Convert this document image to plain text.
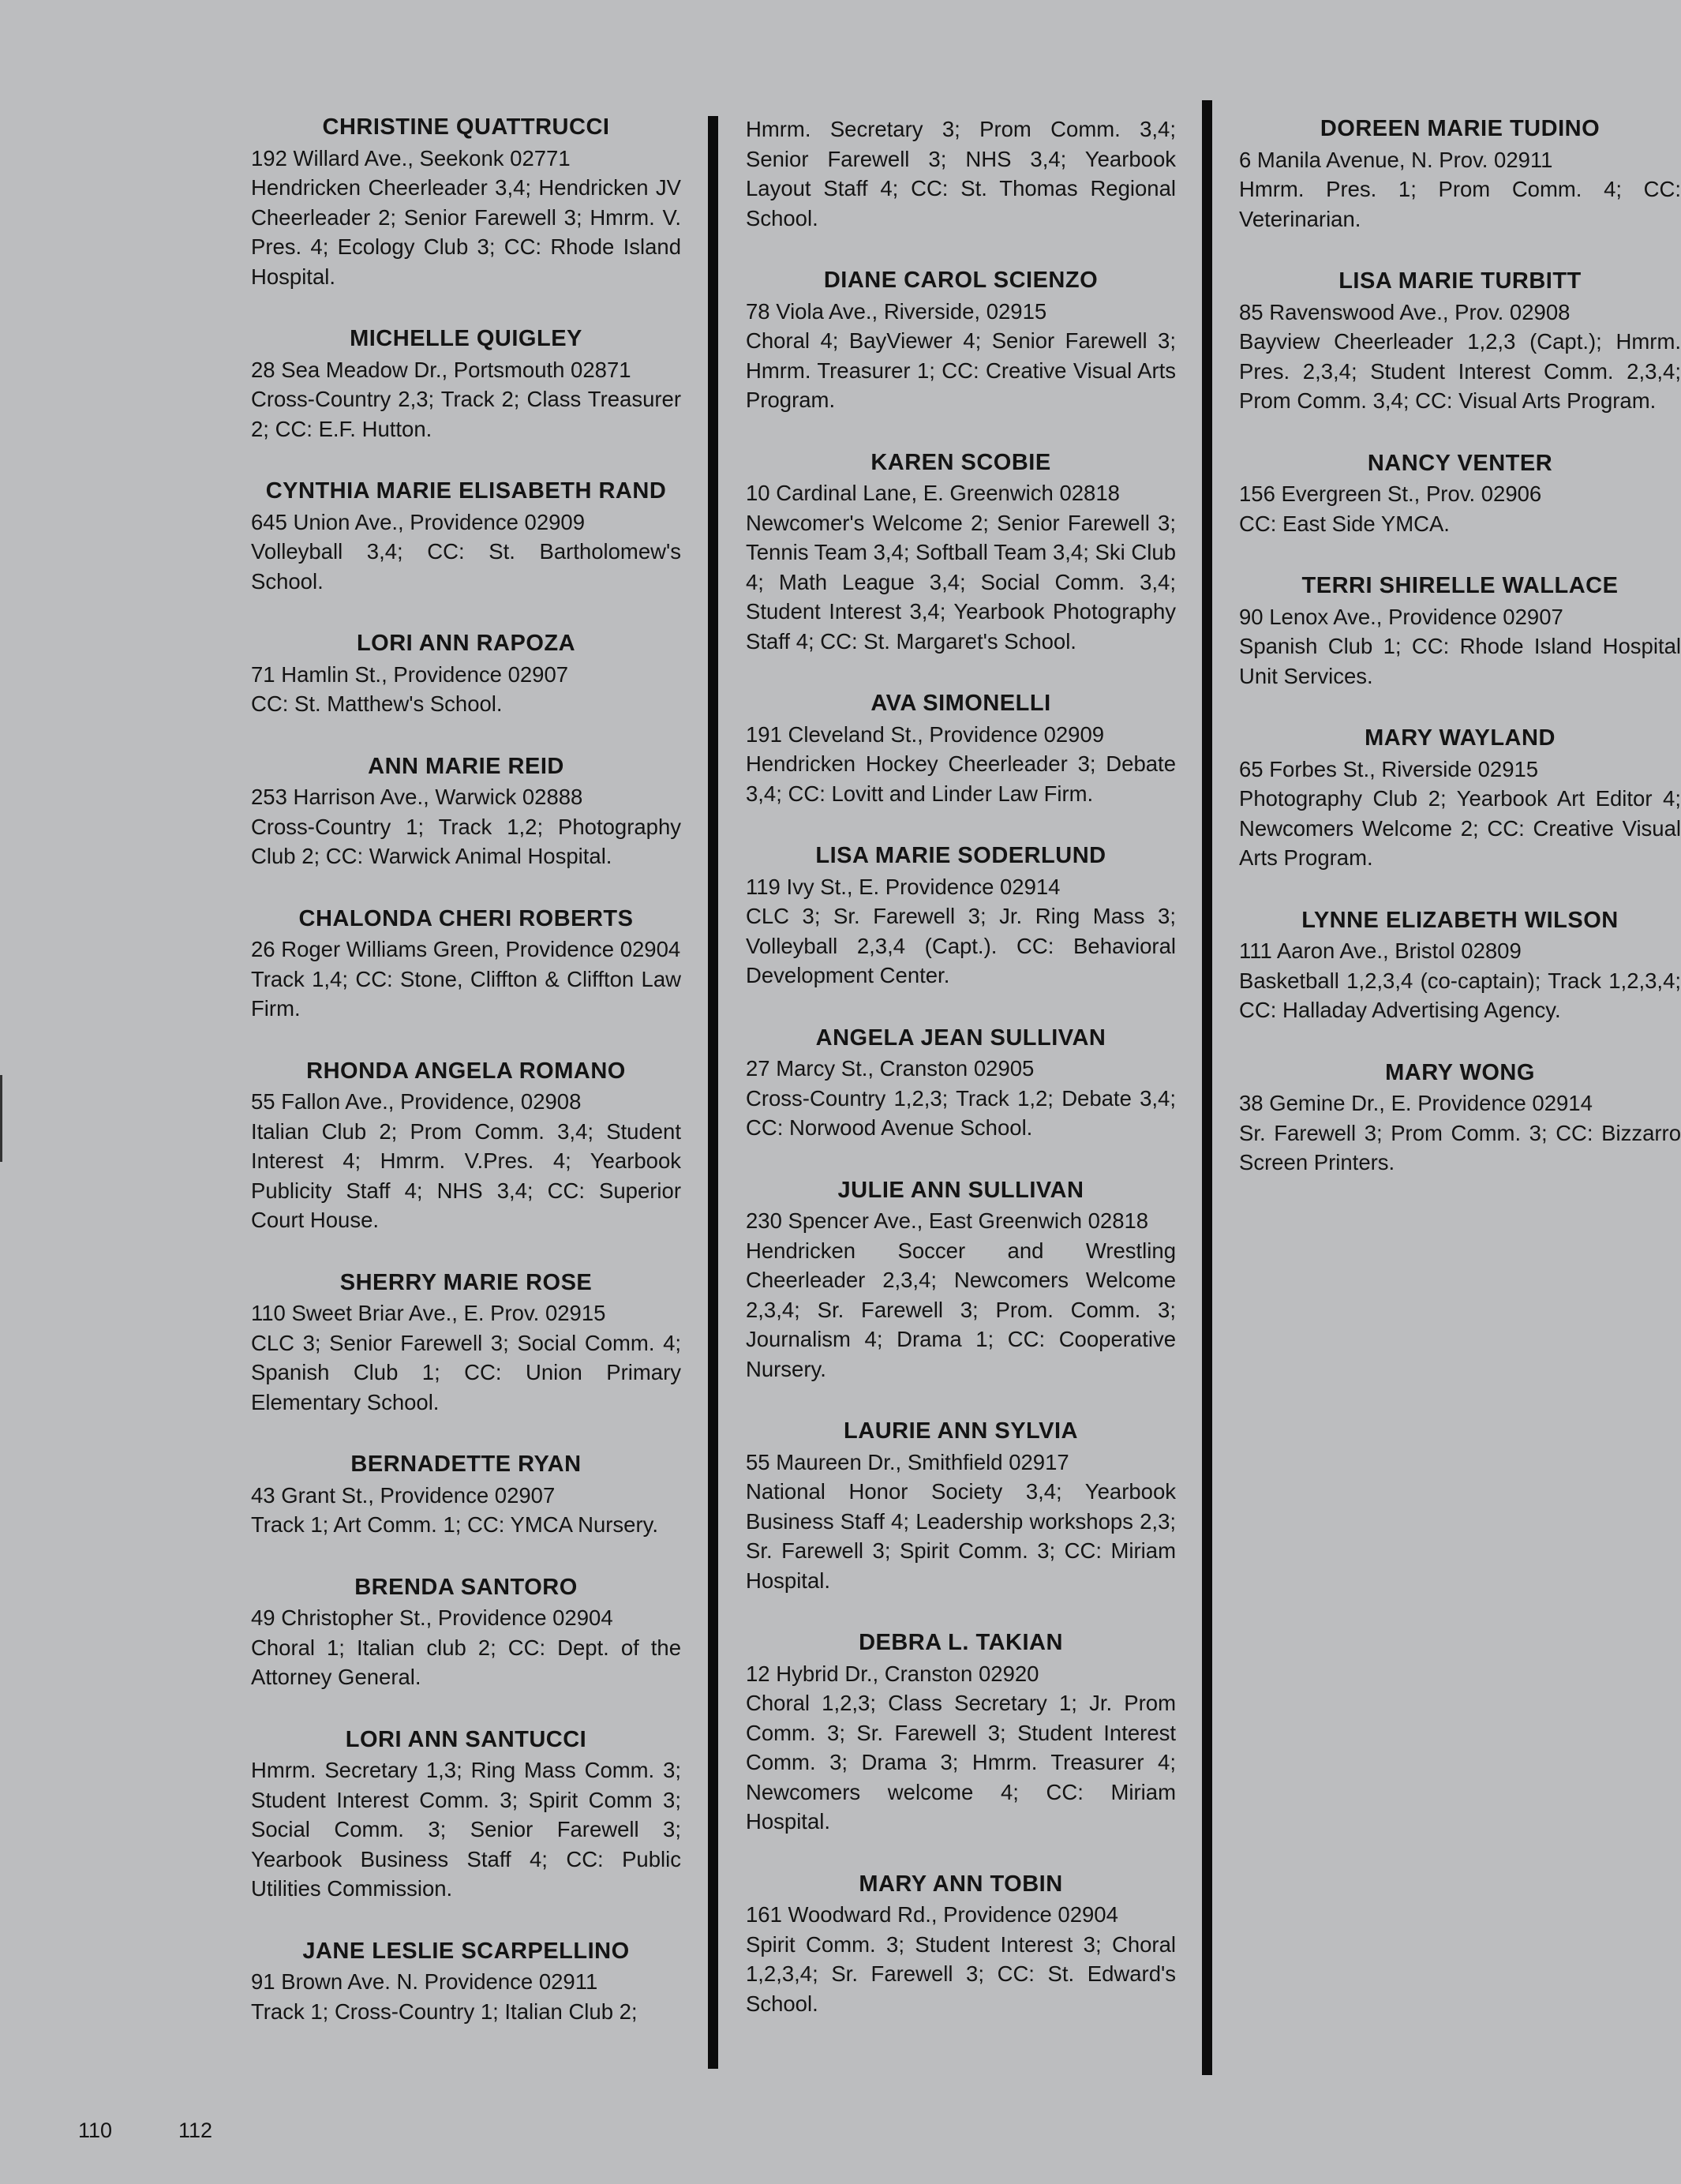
CHRISTINE QUATTRUCCI
192 Willard Ave., Seekonk 02771
Hendricken Cheerleader 3,4; Hendricken JV Cheerleader 2; Senior Farewell 3; Hmrm. V. Pres. 4; Ecology Club 3; CC: Rhode Island Hospital.
MICHELLE QUIGLEY
28 Sea Meadow Dr., Portsmouth 02871
Cross-Country 2,3; Track 2; Class Treasurer 2; CC: E.F. Hutton.
CYNTHIA MARIE ELISABETH RAND
645 Union Ave., Providence 02909
Volleyball 3,4; CC: St. Bartholomew's School.
LORI ANN RAPOZA
71 Hamlin St., Providence 02907
CC: St. Matthew's School.
ANN MARIE REID
253 Harrison Ave., Warwick 02888
Cross-Country 1; Track 1,2; Photography Club 2; CC: Warwick Animal Hospital.
CHALONDA CHERI ROBERTS
26 Roger Williams Green, Providence 02904
Track 1,4; CC: Stone, Cliffton & Cliffton Law Firm.
RHONDA ANGELA ROMANO
55 Fallon Ave., Providence, 02908
Italian Club 2; Prom Comm. 3,4; Student Interest 4; Hmrm. V.Pres. 4; Yearbook Publicity Staff 4; NHS 3,4; CC: Superior Court House.
SHERRY MARIE ROSE
110 Sweet Briar Ave., E. Prov. 02915
CLC 3; Senior Farewell 3; Social Comm. 4; Spanish Club 1; CC: Union Primary Elementary School.
BERNADETTE RYAN
43 Grant St., Providence 02907
Track 1; Art Comm. 1; CC: YMCA Nursery.
BRENDA SANTORO
49 Christopher St., Providence 02904
Choral 1; Italian club 2; CC: Dept. of the Attorney General.
LORI ANN SANTUCCI
Hmrm. Secretary 1,3; Ring Mass Comm. 3; Student Interest Comm. 3; Spirit Comm 3; Social Comm. 3; Senior Farewell 3; Yearbook Business Staff 4; CC: Public Utilities Commission.
JANE LESLIE SCARPELLINO
91 Brown Ave. N. Providence 02911
Track 1; Cross-Country 1; Italian Club 2;
Hmrm. Secretary 3; Prom Comm. 3,4; Senior Farewell 3; NHS 3,4; Yearbook Layout Staff 4; CC: St. Thomas Regional School.
DIANE CAROL SCIENZO
78 Viola Ave., Riverside, 02915
Choral 4; BayViewer 4; Senior Farewell 3; Hmrm. Treasurer 1; CC: Creative Visual Arts Program.
KAREN SCOBIE
10 Cardinal Lane, E. Greenwich 02818
Newcomer's Welcome 2; Senior Farewell 3; Tennis Team 3,4; Softball Team 3,4; Ski Club 4; Math League 3,4; Social Comm. 3,4; Student Interest 3,4; Yearbook Photography Staff 4; CC: St. Margaret's School.
AVA SIMONELLI
191 Cleveland St., Providence 02909
Hendricken Hockey Cheerleader 3; Debate 3,4; CC: Lovitt and Linder Law Firm.
LISA MARIE SODERLUND
119 Ivy St., E. Providence 02914
CLC 3; Sr. Farewell 3; Jr. Ring Mass 3; Volleyball 2,3,4 (Capt.). CC: Behavioral Development Center.
ANGELA JEAN SULLIVAN
27 Marcy St., Cranston 02905
Cross-Country 1,2,3; Track 1,2; Debate 3,4; CC: Norwood Avenue School.
JULIE ANN SULLIVAN
230 Spencer Ave., East Greenwich 02818
Hendricken Soccer and Wrestling Cheerleader 2,3,4; Newcomers Welcome 2,3,4; Sr. Farewell 3; Prom. Comm. 3; Journalism 4; Drama 1; CC: Cooperative Nursery.
LAURIE ANN SYLVIA
55 Maureen Dr., Smithfield 02917
National Honor Society 3,4; Yearbook Business Staff 4; Leadership workshops 2,3; Sr. Farewell 3; Spirit Comm. 3; CC: Miriam Hospital.
DEBRA L. TAKIAN
12 Hybrid Dr., Cranston 02920
Choral 1,2,3; Class Secretary 1; Jr. Prom Comm. 3; Sr. Farewell 3; Student Interest Comm. 3; Drama 3; Hmrm. Treasurer 4; Newcomers welcome 4; CC: Miriam Hospital.
MARY ANN TOBIN
161 Woodward Rd., Providence 02904
Spirit Comm. 3; Student Interest 3; Choral 1,2,3,4; Sr. Farewell 3; CC: St. Edward's School.
DOREEN MARIE TUDINO
6 Manila Avenue, N. Prov. 02911
Hmrm. Pres. 1; Prom Comm. 4; CC: Veterinarian.
LISA MARIE TURBITT
85 Ravenswood Ave., Prov. 02908
Bayview Cheerleader 1,2,3 (Capt.); Hmrm. Pres. 2,3,4; Student Interest Comm. 2,3,4; Prom Comm. 3,4; CC: Visual Arts Program.
NANCY VENTER
156 Evergreen St., Prov. 02906
CC: East Side YMCA.
TERRI SHIRELLE WALLACE
90 Lenox Ave., Providence 02907
Spanish Club 1; CC: Rhode Island Hospital Unit Services.
MARY WAYLAND
65 Forbes St., Riverside 02915
Photography Club 2; Yearbook Art Editor 4; Newcomers Welcome 2; CC: Creative Visual Arts Program.
LYNNE ELIZABETH WILSON
111 Aaron Ave., Bristol 02809
Basketball 1,2,3,4 (co-captain); Track 1,2,3,4; CC: Halladay Advertising Agency.
MARY WONG
38 Gemine Dr., E. Providence 02914
Sr. Farewell 3; Prom Comm. 3; CC: Bizzarro Screen Printers.
110	112
